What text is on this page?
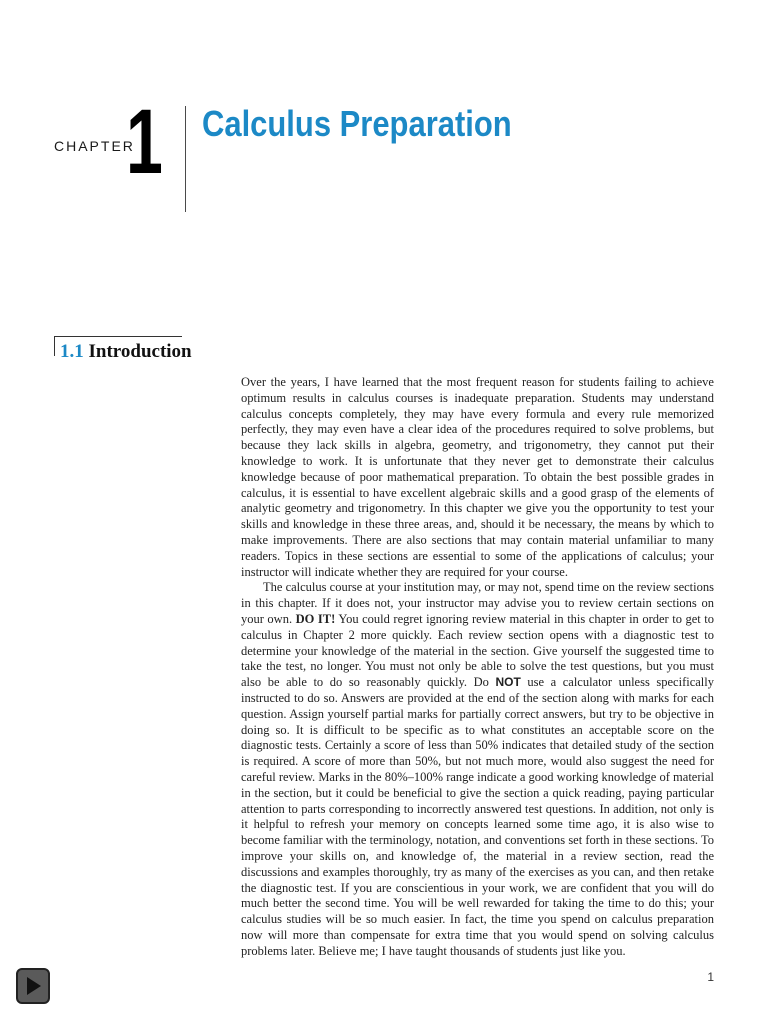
CHAPTER
1 Calculus Preparation
1.1 Introduction

Over the years, I have learned that the most frequent reason for students failing to achieve optimum results in calculus courses is inadequate preparation. Students may understand calculus concepts completely, they may have every formula and every rule memorized perfectly, they may even have a clear idea of the procedures required to solve problems, but because they lack skills in algebra, geometry, and trigonometry, they cannot put their knowledge to work. It is unfortunate that they never get to demonstrate their calculus knowledge because of poor mathematical preparation. To obtain the best possible grades in calculus, it is essential to have excellent algebraic skills and a good grasp of the elements of analytic geometry and trigonometry. In this chapter we give you the opportunity to test your skills and knowledge in these three areas, and, should it be necessary, the means by which to make improvements. There are also sections that may contain material unfamiliar to many readers. Topics in these sections are essential to some of the applications of calculus; your instructor will indicate whether they are required for your course.

The calculus course at your institution may, or may not, spend time on the review sections in this chapter. If it does not, your instructor may advise you to review certain sections on your own. DO IT! You could regret ignoring review material in this chapter in order to get to calculus in Chapter 2 more quickly. Each review section opens with a diagnostic test to determine your knowledge of the material in the section. Give yourself the suggested time to take the test, no longer. You must not only be able to solve the test questions, but you must also be able to do so reasonably quickly. Do NOT use a calculator unless specifically instructed to do so. Answers are provided at the end of the section along with marks for each question. Assign yourself partial marks for partially correct answers, but try to be objective in doing so. It is difficult to be specific as to what constitutes an acceptable score on the diagnostic tests. Certainly a score of less than 50% indicates that detailed study of the section is required. A score of more than 50%, but not much more, would also suggest the need for careful review. Marks in the 80%–100% range indicate a good working knowledge of material in the section, but it could be beneficial to give the section a quick reading, paying particular attention to parts corresponding to incorrectly answered test questions. In addition, not only is it helpful to refresh your memory on concepts learned some time ago, it is also wise to become familiar with the terminology, notation, and conventions set forth in these sections. To improve your skills on, and knowledge of, the material in a review section, read the discussions and examples thoroughly, try as many of the exercises as you can, and then retake the diagnostic test. If you are conscientious in your work, we are confident that you will do much better the second time. You will be well rewarded for taking the time to do this; your calculus studies will be so much easier. In fact, the time you spend on calculus preparation now will more than compensate for extra time that you would spend on solving calculus problems later. Believe me; I have taught thousands of students just like you.

1
